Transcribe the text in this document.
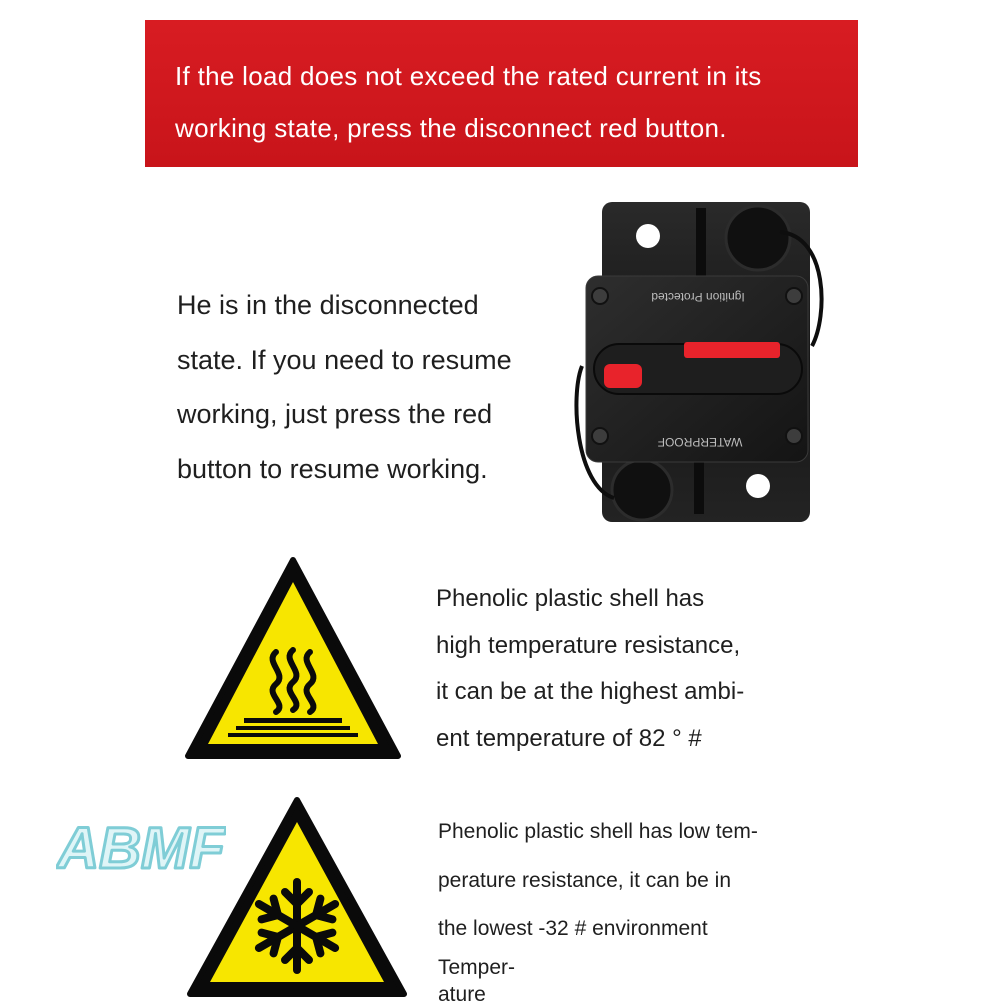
If the load does not exceed the rated current in its
working state, press the disconnect red button.
He is in the disconnected
state. If you need to resume
working, just press the red
button to resume working.
Ignition Protected
WATERPROOF
Phenolic plastic shell has
high temperature resistance,
it can be at the highest ambi-
ent temperature of 82 ° #
Phenolic plastic shell has low tem-
perature resistance, it can be in
the lowest -32 # environment
Temper-
ature
ABMF
